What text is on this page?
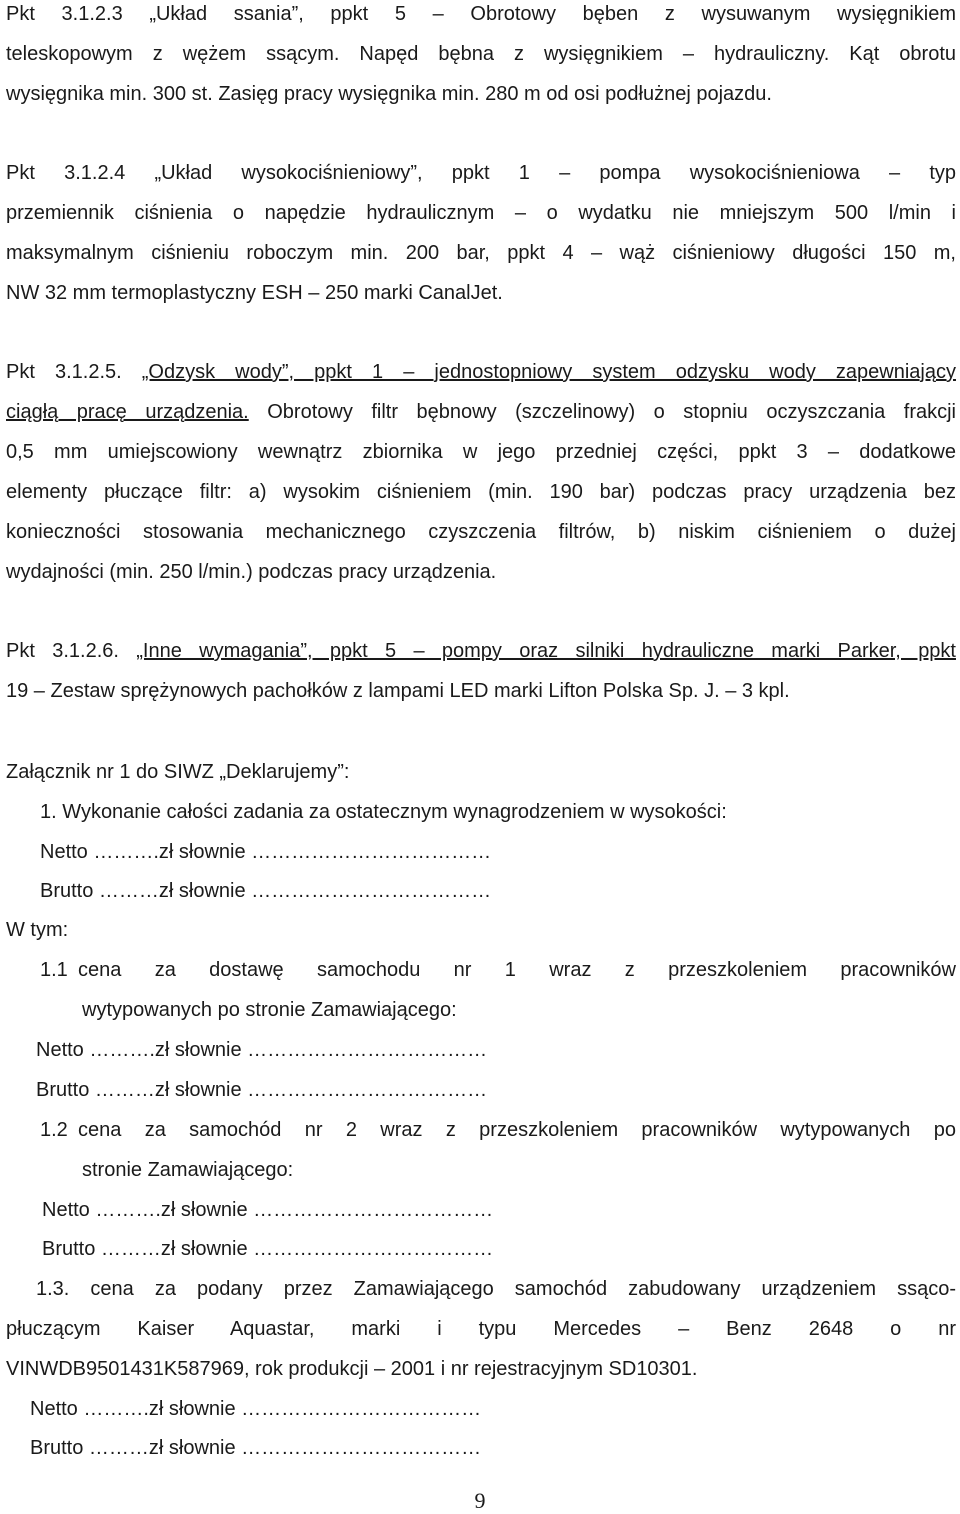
Pkt 3.1.2.3 „Układ ssania”, ppkt 5 – Obrotowy bęben z wysuwanym wysięgnikiem
teleskopowym z wężem ssącym. Napęd bębna z wysięgnikiem – hydrauliczny. Kąt obrotu
wysięgnika min. 300 st. Zasięg pracy wysięgnika min. 280 m od osi podłużnej pojazdu.
Pkt 3.1.2.4 „Układ wysokociśnieniowy”, ppkt 1 – pompa wysokociśnieniowa – typ
przemiennik ciśnienia o napędzie hydraulicznym – o wydatku nie mniejszym 500 l/min i
maksymalnym ciśnieniu roboczym min. 200 bar, ppkt 4 – wąż ciśnieniowy długości 150 m,
NW 32 mm termoplastyczny ESH – 250 marki CanalJet.
Pkt 3.1.2.5. „Odzysk wody”, ppkt 1 – jednostopniowy system odzysku wody zapewniający
ciągłą pracę urządzenia. Obrotowy filtr bębnowy (szczelinowy) o stopniu oczyszczania frakcji
0,5 mm umiejscowiony wewnątrz zbiornika w jego przedniej części, ppkt 3 – dodatkowe
elementy płuczące filtr: a) wysokim ciśnieniem (min. 190 bar) podczas pracy urządzenia bez
konieczności stosowania mechanicznego czyszczenia filtrów, b) niskim ciśnieniem o dużej
wydajności (min. 250 l/min.) podczas pracy urządzenia.
Pkt 3.1.2.6. „Inne wymagania”, ppkt 5 – pompy oraz silniki hydrauliczne marki Parker, ppkt
19 – Zestaw sprężynowych pachołków z lampami LED marki Lifton Polska Sp. J. – 3 kpl.
Załącznik nr 1 do SIWZ „Deklarujemy”:
1. Wykonanie całości zadania za ostatecznym wynagrodzeniem w wysokości:
Netto ……….zł słownie ………………………………
Brutto ………zł słownie ………………………………
W tym:
1.1 cena za dostawę samochodu nr 1 wraz z przeszkoleniem pracowników
wytypowanych po stronie Zamawiającego:
Netto ……….zł słownie ………………………………
Brutto ………zł słownie ………………………………
1.2 cena za samochód nr 2 wraz z przeszkoleniem pracowników wytypowanych po
stronie Zamawiającego:
Netto ……….zł słownie ………………………………
Brutto ………zł słownie ………………………………
1.3. cena za podany przez Zamawiającego samochód zabudowany urządzeniem ssąco-
płuczącym Kaiser Aquastar, marki i typu Mercedes – Benz 2648 o nr
VINWDB9501431K587969, rok produkcji – 2001 i nr rejestracyjnym SD10301.
Netto ……….zł słownie ………………………………
Brutto ………zł słownie ………………………………
9
